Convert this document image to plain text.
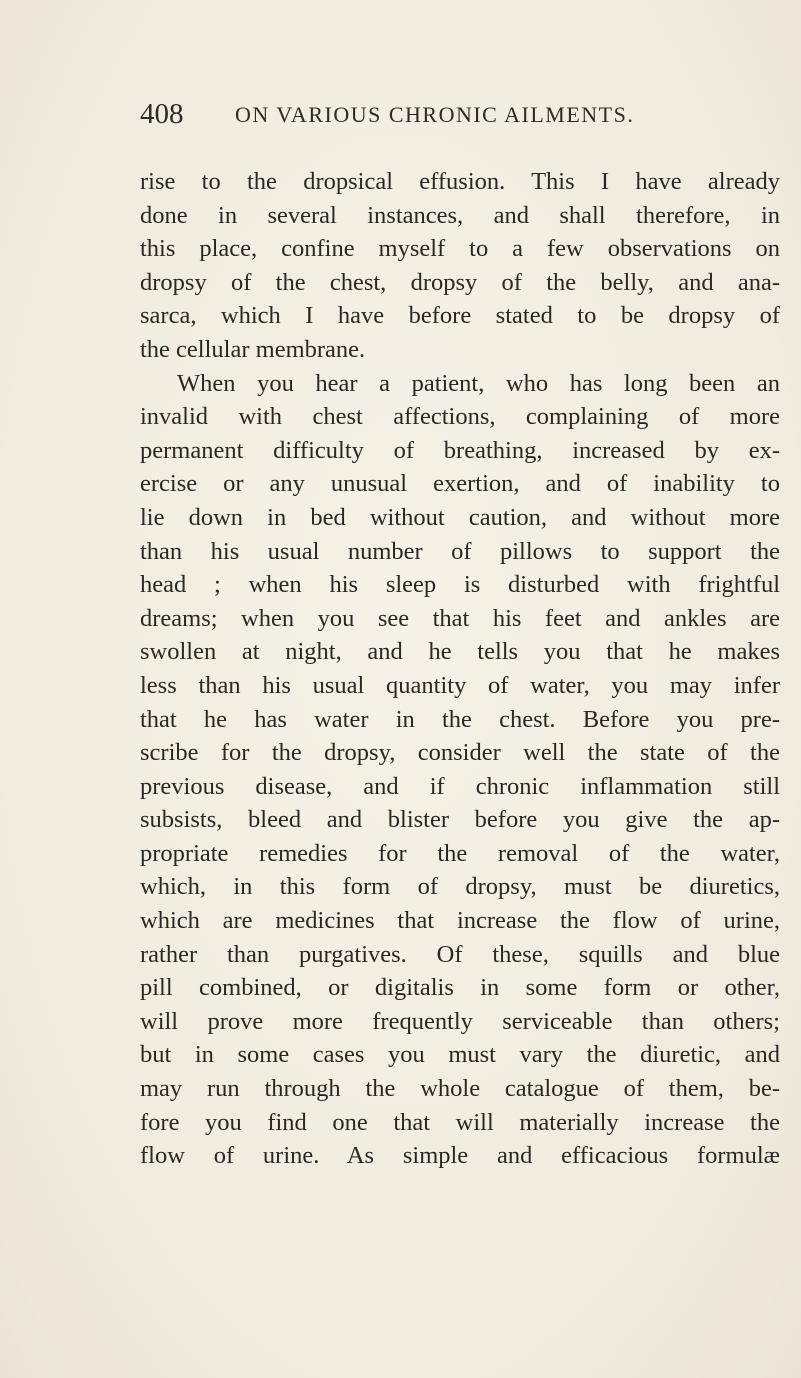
408 ON VARIOUS CHRONIC AILMENTS.
rise to the dropsical effusion. This I have already
done in several instances, and shall therefore, in
this place, confine myself to a few observations on
dropsy of the chest, dropsy of the belly, and ana-
sarca, which I have before stated to be dropsy of
the cellular membrane.
When you hear a patient, who has long been an
invalid with chest affections, complaining of more
permanent difficulty of breathing, increased by ex-
ercise or any unusual exertion, and of inability to
lie down in bed without caution, and without more
than his usual number of pillows to support the
head ; when his sleep is disturbed with frightful
dreams; when you see that his feet and ankles are
swollen at night, and he tells you that he makes
less than his usual quantity of water, you may infer
that he has water in the chest. Before you pre-
scribe for the dropsy, consider well the state of the
previous disease, and if chronic inflammation still
subsists, bleed and blister before you give the ap-
propriate remedies for the removal of the water,
which, in this form of dropsy, must be diuretics,
which are medicines that increase the flow of urine,
rather than purgatives. Of these, squills and blue
pill combined, or digitalis in some form or other,
will prove more frequently serviceable than others;
but in some cases you must vary the diuretic, and
may run through the whole catalogue of them, be-
fore you find one that will materially increase the
flow of urine. As simple and efficacious formulæ
